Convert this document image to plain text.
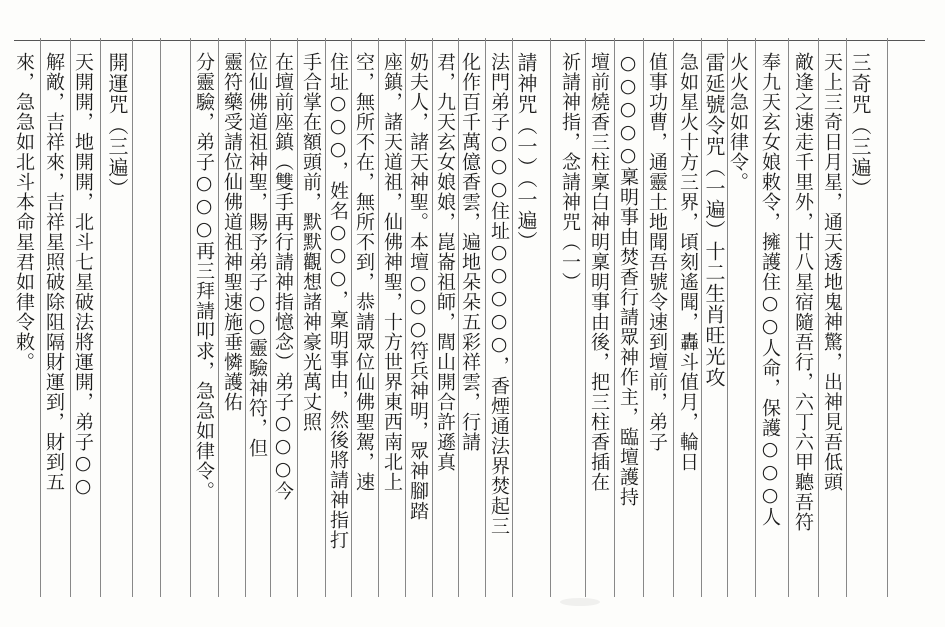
三奇咒（三遍）
天上三奇日月星，通天透地鬼神驚，出神見吾低頭
敵逢之速走千里外，廿八星宿隨吾行，六丁六甲聽吾符
奉九天玄女娘敕令，擁護住○○人命，保護○○○人
火火急如律令。
雷延號令咒（一遍）十二生肖旺光攻
急如星火十方三界，頃刻遙聞，轟斗值月，輪日
值事功曹，通靈土地聞吾號令速到壇前，弟子
○○○○○稟明事由焚香行請眾神作主，臨壇護持
壇前燒香三柱稟白神明稟明事由後，把三柱香插在
祈請神指，念請神咒（一）
請神咒（一）（一遍）
法門弟子○○○住址○○○○○，香煙通法界焚起三
化作百千萬億香雲，遍地朵朵五彩祥雲，行請
君，九天玄女娘娘，崑崙祖師，閭山開合許遜真
奶夫人，諸天神聖。本壇○○○符兵神明，眾神腳踏
座鎮，諸天道祖，仙佛神聖，十方世界東西南北上
空，無所不在，無所不到，恭請眾位仙佛聖駕，速
住址○○○，姓名○○○，稟明事由，然後將請神指打
手合掌在額頭前，默默觀想諸神豪光萬丈照
在壇前座鎮（雙手再行請神指憶念）弟子○○○今
位仙佛道祖神聖，賜予弟子○○靈驗神符，但
靈符藥受請位仙佛道祖神聖速施垂憐護佑
分靈驗，弟子○○○再三拜請叩求，急急如律令。
開運咒（三遍）
天開開，地開開，北斗七星破法將運開，弟子○○
解敵，吉祥來，吉祥星照破除阻隔財運到，財到五
來，急急如北斗本命星君如律令敕。
